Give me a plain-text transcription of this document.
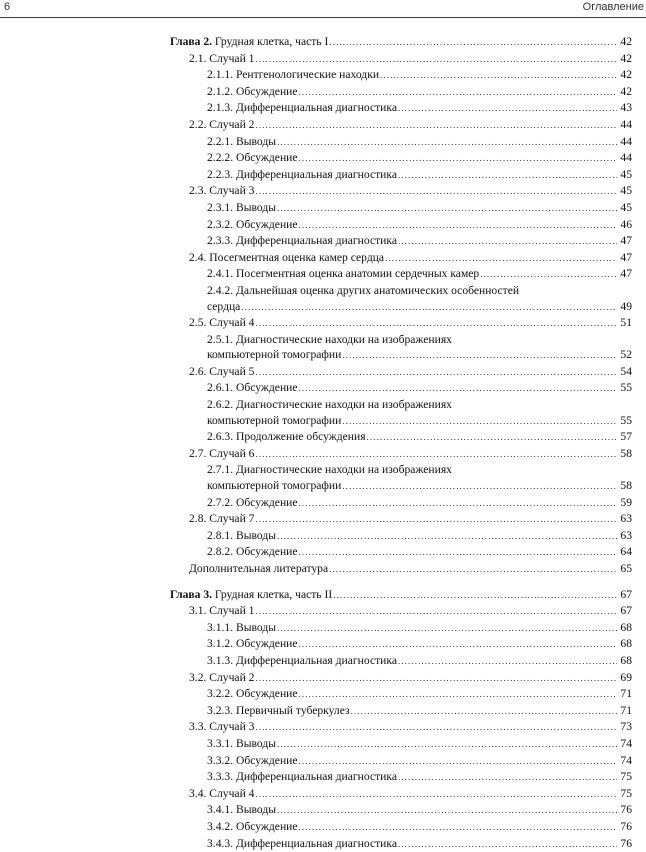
6	Оглавление
Глава 2. Грудная клетка, часть I .....	42
2.1. Случай 1 .....	42
2.1.1. Рентгенологические находки .....	42
2.1.2. Обсуждение .....	42
2.1.3. Дифференциальная диагностика .....	43
2.2. Случай 2 .....	44
2.2.1. Выводы .....	44
2.2.2. Обсуждение .....	44
2.2.3. Дифференциальная диагностика .....	45
2.3. Случай 3 .....	45
2.3.1. Выводы .....	45
2.3.2. Обсуждение .....	46
2.3.3. Дифференциальная диагностика .....	47
2.4. Посегментная оценка камер сердца .....	47
2.4.1. Посегментная оценка анатомии сердечных камер .....	47
2.4.2. Дальнейшая оценка других анатомических особенностей
сердца .....	49
2.5. Случай 4 .....	51
2.5.1. Диагностические находки на изображениях
компьютерной томографии .....	52
2.6. Случай 5 .....	54
2.6.1. Обсуждение .....	55
2.6.2. Диагностические находки на изображениях
компьютерной томографии .....	55
2.6.3. Продолжение обсуждения .....	57
2.7. Случай 6 .....	58
2.7.1. Диагностические находки на изображениях
компьютерной томографии .....	58
2.7.2. Обсуждение .....	59
2.8. Случай 7 .....	63
2.8.1. Выводы .....	63
2.8.2. Обсуждение .....	64
Дополнительная литература .....	65
Глава 3. Грудная клетка, часть II .....	67
3.1. Случай 1 .....	67
3.1.1. Выводы .....	68
3.1.2. Обсуждение .....	68
3.1.3. Дифференциальная диагностика .....	68
3.2. Случай 2 .....	69
3.2.2. Обсуждение .....	71
3.2.3. Первичный туберкулез .....	71
3.3. Случай 3 .....	73
3.3.1. Выводы .....	74
3.3.2. Обсуждение .....	74
3.3.3. Дифференциальная диагностика .....	75
3.4. Случай 4 .....	75
3.4.1. Выводы .....	76
3.4.2. Обсуждение .....	76
3.4.3. Дифференциальная диагностика .....	76
